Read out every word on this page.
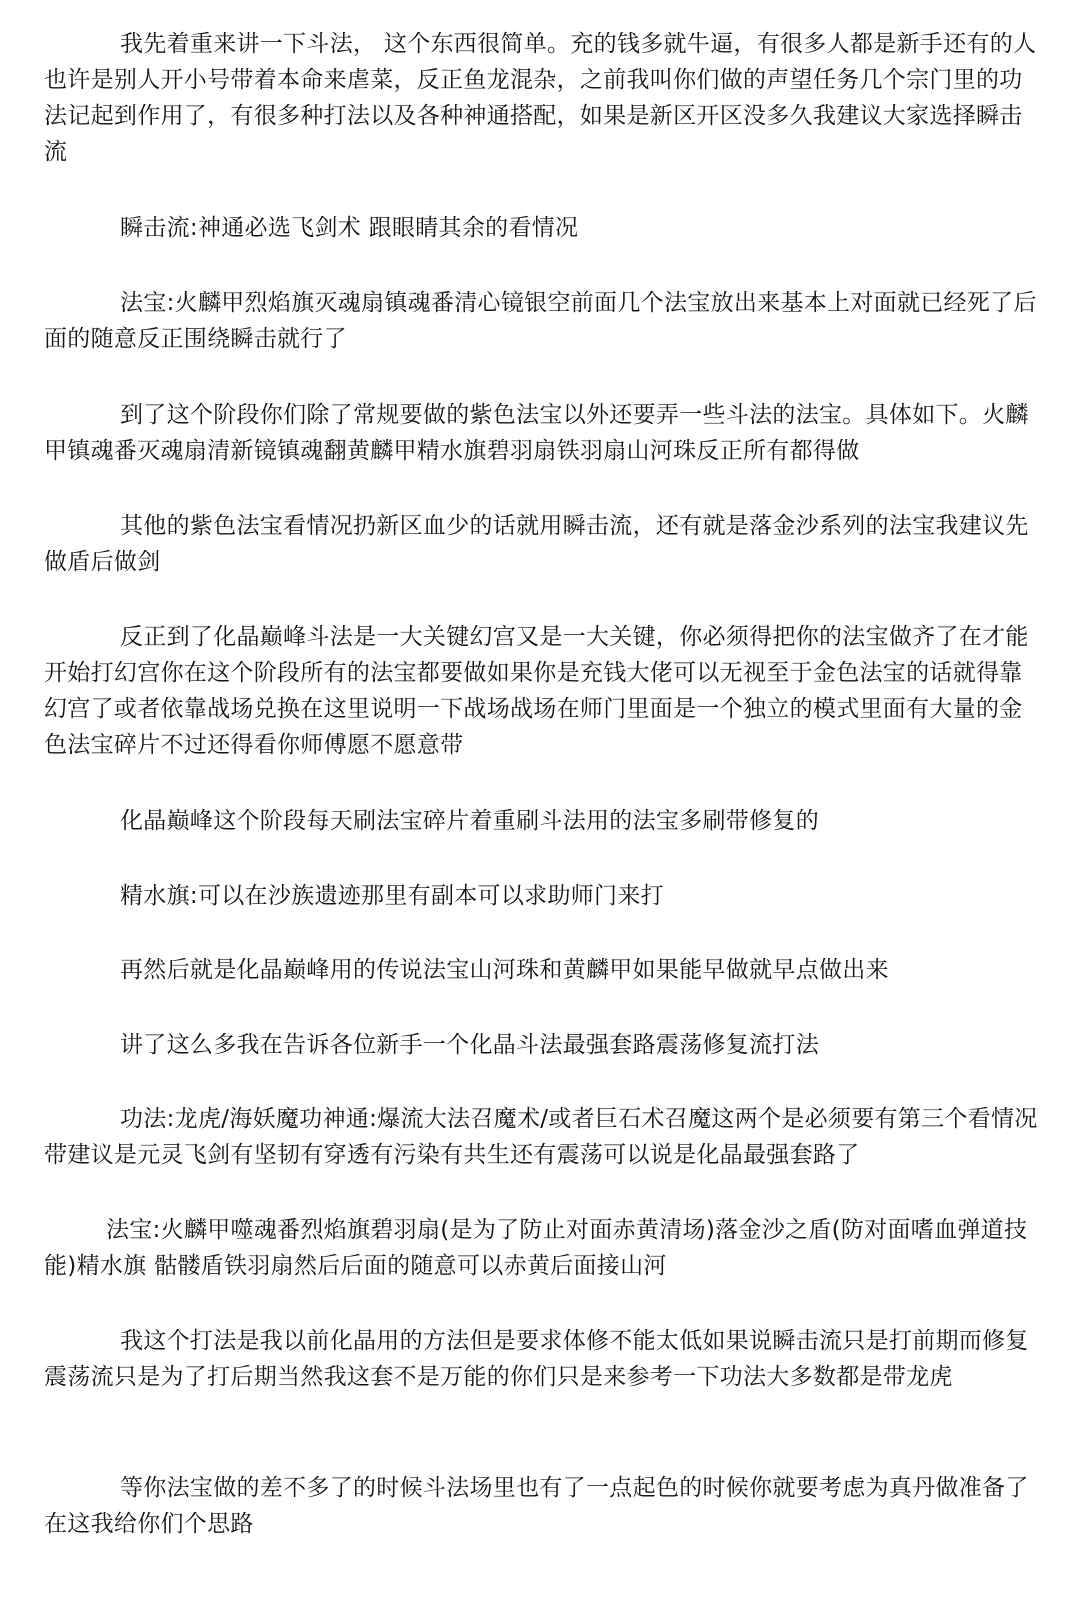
我先着重来讲一下斗法， 这个东西很简单。充的钱多就牛逼，有很多人都是新手还有的人也许是别人开小号带着本命来虐菜，反正鱼龙混杂，之前我叫你们做的声望任务几个宗门里的功法记起到作用了，有很多种打法以及各种神通搭配，如果是新区开区没多久我建议大家选择瞬击流

瞬击流:神通必选飞剑术 跟眼睛其余的看情况

法宝:火麟甲烈焰旗灭魂扇镇魂番清心镜银空前面几个法宝放出来基本上对面就已经死了后面的随意反正围绕瞬击就行了

到了这个阶段你们除了常规要做的紫色法宝以外还要弄一些斗法的法宝。具体如下。火麟甲镇魂番灭魂扇清新镜镇魂翻黄麟甲精水旗碧羽扇铁羽扇山河珠反正所有都得做

其他的紫色法宝看情况扔新区血少的话就用瞬击流，还有就是落金沙系列的法宝我建议先做盾后做剑

反正到了化晶巅峰斗法是一大关键幻宫又是一大关键，你必须得把你的法宝做齐了在才能开始打幻宫你在这个阶段所有的法宝都要做如果你是充钱大佬可以无视至于金色法宝的话就得靠幻宫了或者依靠战场兑换在这里说明一下战场战场在师门里面是一个独立的模式里面有大量的金色法宝碎片不过还得看你师傅愿不愿意带

化晶巅峰这个阶段每天刷法宝碎片着重刷斗法用的法宝多刷带修复的

精水旗:可以在沙族遗迹那里有副本可以求助师门来打

再然后就是化晶巅峰用的传说法宝山河珠和黄麟甲如果能早做就早点做出来

讲了这么多我在告诉各位新手一个化晶斗法最强套路震荡修复流打法

功法:龙虎/海妖魔功神通:爆流大法召魔术/或者巨石术召魔这两个是必须要有第三个看情况带建议是元灵飞剑有坚韧有穿透有污染有共生还有震荡可以说是化晶最强套路了

法宝:火麟甲噬魂番烈焰旗碧羽扇(是为了防止对面赤黄清场)落金沙之盾(防对面嗜血弹道技能)精水旗 骷髅盾铁羽扇然后后面的随意可以赤黄后面接山河

我这个打法是我以前化晶用的方法但是要求体修不能太低如果说瞬击流只是打前期而修复震荡流只是为了打后期当然我这套不是万能的你们只是来参考一下功法大多数都是带龙虎

等你法宝做的差不多了的时候斗法场里也有了一点起色的时候你就要考虑为真丹做准备了在这我给你们个思路
